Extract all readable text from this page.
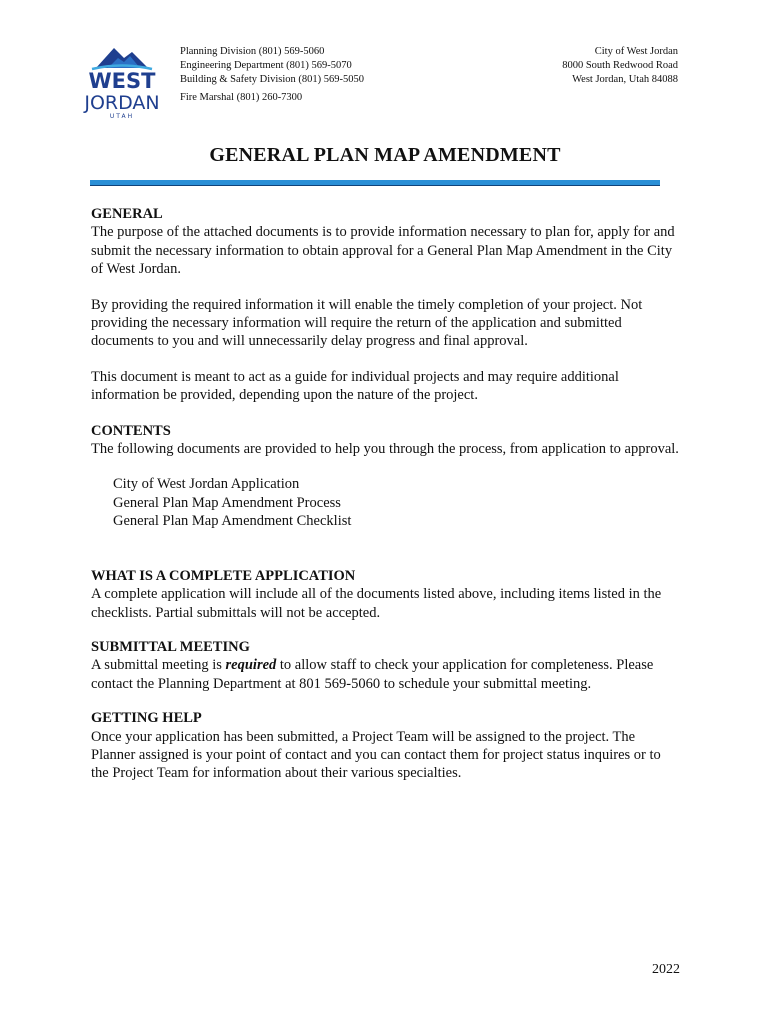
WEST
JORDAN
UTAH
Planning Division (801) 569-5060
Engineering Department (801) 569-5070
Building & Safety Division (801) 569-5050
Fire Marshal (801) 260-7300
City of West Jordan
8000 South Redwood Road
West Jordan, Utah 84088
GENERAL PLAN MAP AMENDMENT
GENERAL

The purpose of the attached documents is to provide information necessary to plan for, apply for and submit the necessary information to obtain approval for a General Plan Map Amendment in the City of West Jordan.

By providing the required information it will enable the timely completion of your project. Not providing the necessary information will require the return of the application and submitted documents to you and will unnecessarily delay progress and final approval.

This document is meant to act as a guide for individual projects and may require additional information be provided, depending upon the nature of the project.

CONTENTS

The following documents are provided to help you through the process, from application to approval.

City of West Jordan Application
General Plan Map Amendment Process
General Plan Map Amendment Checklist
WHAT IS A COMPLETE APPLICATION

A complete application will include all of the documents listed above, including items listed in the checklists. Partial submittals will not be accepted.

SUBMITTAL MEETING

A submittal meeting is required to allow staff to check your application for completeness. Please contact the Planning Department at 801 569-5060 to schedule your submittal meeting.

GETTING HELP

Once your application has been submitted, a Project Team will be assigned to the project. The Planner assigned is your point of contact and you can contact them for project status inquires or to the Project Team for information about their various specialties.

2022
